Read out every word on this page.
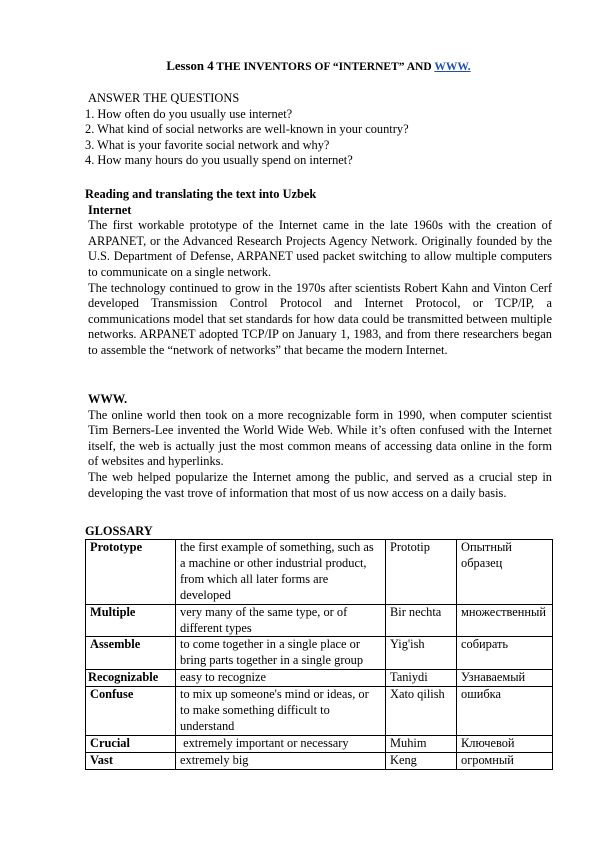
Lesson 4 THE INVENTORS OF “INTERNET” AND WWW.
ANSWER THE QUESTIONS
1. How often do you usually use internet?
2. What kind of social networks are well-known in your country?
3. What is your favorite social network and why?
4. How many hours do you usually spend on internet?
Reading and translating the text into Uzbek
Internet
The first workable prototype of the Internet came in the late 1960s with the creation of ARPANET, or the Advanced Research Projects Agency Network. Originally founded by the U.S. Department of Defense, ARPANET used packet switching to allow multiple computers to communicate on a single network.
The technology continued to grow in the 1970s after scientists Robert Kahn and Vinton Cerf developed Transmission Control Protocol and Internet Protocol, or TCP/IP, a communications model that set standards for how data could be transmitted between multiple networks. ARPANET adopted TCP/IP on January 1, 1983, and from there researchers began to assemble the “network of networks” that became the modern Internet.
WWW.
The online world then took on a more recognizable form in 1990, when computer scientist Tim Berners-Lee invented the World Wide Web. While it’s often confused with the Internet itself, the web is actually just the most common means of accessing data online in the form of websites and hyperlinks.
The web helped popularize the Internet among the public, and served as a crucial step in developing the vast trove of information that most of us now access on a daily basis.
GLOSSARY
Prototype	the first example of something, such as a machine or other industrial product, from which all later forms are developed	Prototip	Опытный образец
Multiple	very many of the same type, or of different types	Bir nechta	множественный
Assemble	to come together in a single place or bring parts together in a single group	Yig'ish	собирать
Recognizable	easy to recognize	Taniydi	Узнаваемый
Confuse	to mix up someone's mind or ideas, or to make something difficult to understand	Xato qilish	ошибка
Crucial	extremely important or necessary	Muhim	Ключевой
Vast	extremely big	Keng	огромный
